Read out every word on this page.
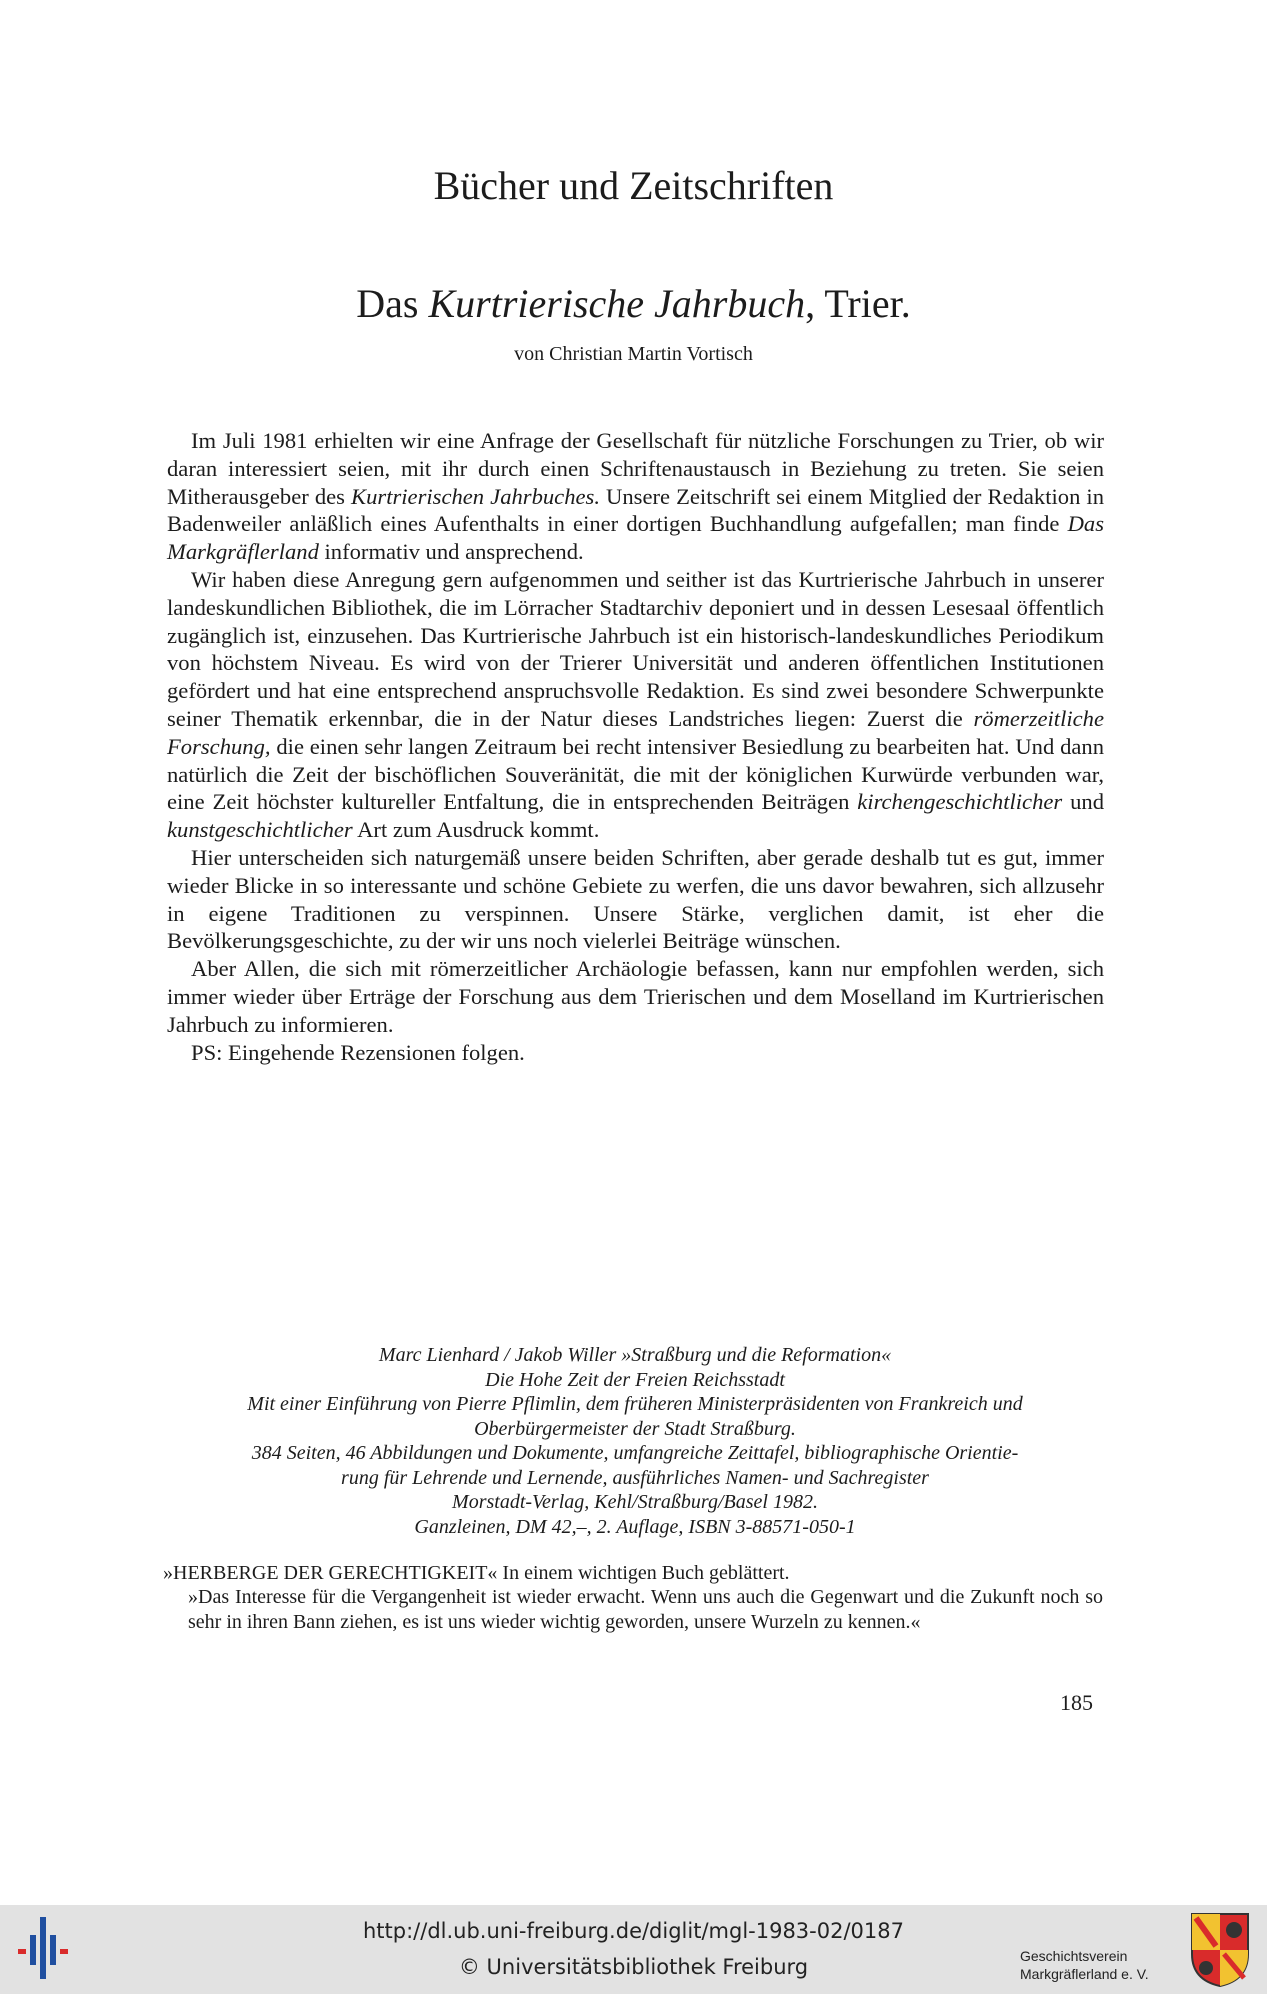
Bücher und Zeitschriften
Das Kurtrierische Jahrbuch, Trier.
von Christian Martin Vortisch

Im Juli 1981 erhielten wir eine Anfrage der Gesellschaft für nützliche Forschungen zu Trier, ob wir daran interessiert seien, mit ihr durch einen Schriftenaustausch in Beziehung zu treten. Sie seien Mitherausgeber des Kurtrierischen Jahrbuches. Unsere Zeitschrift sei einem Mitglied der Redaktion in Badenweiler anläßlich eines Aufenthalts in einer dortigen Buchhandlung aufgefallen; man finde Das Markgräflerland informativ und ansprechend.

Wir haben diese Anregung gern aufgenommen und seither ist das Kurtrierische Jahrbuch in unserer landeskundlichen Bibliothek, die im Lörracher Stadtarchiv deponiert und in dessen Lesesaal öffentlich zugänglich ist, einzusehen. Das Kurtrierische Jahrbuch ist ein historisch-landeskundliches Periodikum von höchstem Niveau. Es wird von der Trierer Universität und anderen öffentlichen Institutionen gefördert und hat eine entsprechend anspruchsvolle Redaktion. Es sind zwei besondere Schwerpunkte seiner Thematik erkennbar, die in der Natur dieses Landstriches liegen: Zuerst die römerzeitliche Forschung, die einen sehr langen Zeitraum bei recht intensiver Besiedlung zu bearbeiten hat. Und dann natürlich die Zeit der bischöflichen Souveränität, die mit der königlichen Kurwürde verbunden war, eine Zeit höchster kultureller Entfaltung, die in entsprechenden Beiträgen kirchengeschichtlicher und kunstgeschichtlicher Art zum Ausdruck kommt.

Hier unterscheiden sich naturgemäß unsere beiden Schriften, aber gerade deshalb tut es gut, immer wieder Blicke in so interessante und schöne Gebiete zu werfen, die uns davor bewahren, sich allzusehr in eigene Traditionen zu verspinnen. Unsere Stärke, verglichen damit, ist eher die Bevölkerungsgeschichte, zu der wir uns noch vielerlei Beiträge wünschen.

Aber Allen, die sich mit römerzeitlicher Archäologie befassen, kann nur empfohlen werden, sich immer wieder über Erträge der Forschung aus dem Trierischen und dem Moselland im Kurtrierischen Jahrbuch zu informieren.

PS: Eingehende Rezensionen folgen.

Marc Lienhard / Jakob Willer »Straßburg und die Reformation«
Die Hohe Zeit der Freien Reichsstadt
Mit einer Einführung von Pierre Pflimlin, dem früheren Ministerpräsidenten von Frankreich und
Oberbürgermeister der Stadt Straßburg.
384 Seiten, 46 Abbildungen und Dokumente, umfangreiche Zeittafel, bibliographische Orientie-
rung für Lehrende und Lernende, ausführliches Namen- und Sachregister
Morstadt-Verlag, Kehl/Straßburg/Basel 1982.
Ganzleinen, DM 42,–, 2. Auflage, ISBN 3-88571-050-1
»HERBERGE DER GERECHTIGKEIT« In einem wichtigen Buch geblättert.
»Das Interesse für die Vergangenheit ist wieder erwacht. Wenn uns auch die Gegenwart und die Zukunft noch so sehr in ihren Bann ziehen, es ist uns wieder wichtig geworden, unsere Wurzeln zu kennen.«
185
http://dl.ub.uni-freiburg.de/diglit/mgl-1983-02/0187
© Universitätsbibliothek Freiburg	Geschichtsverein
Markgräflerland e. V.
